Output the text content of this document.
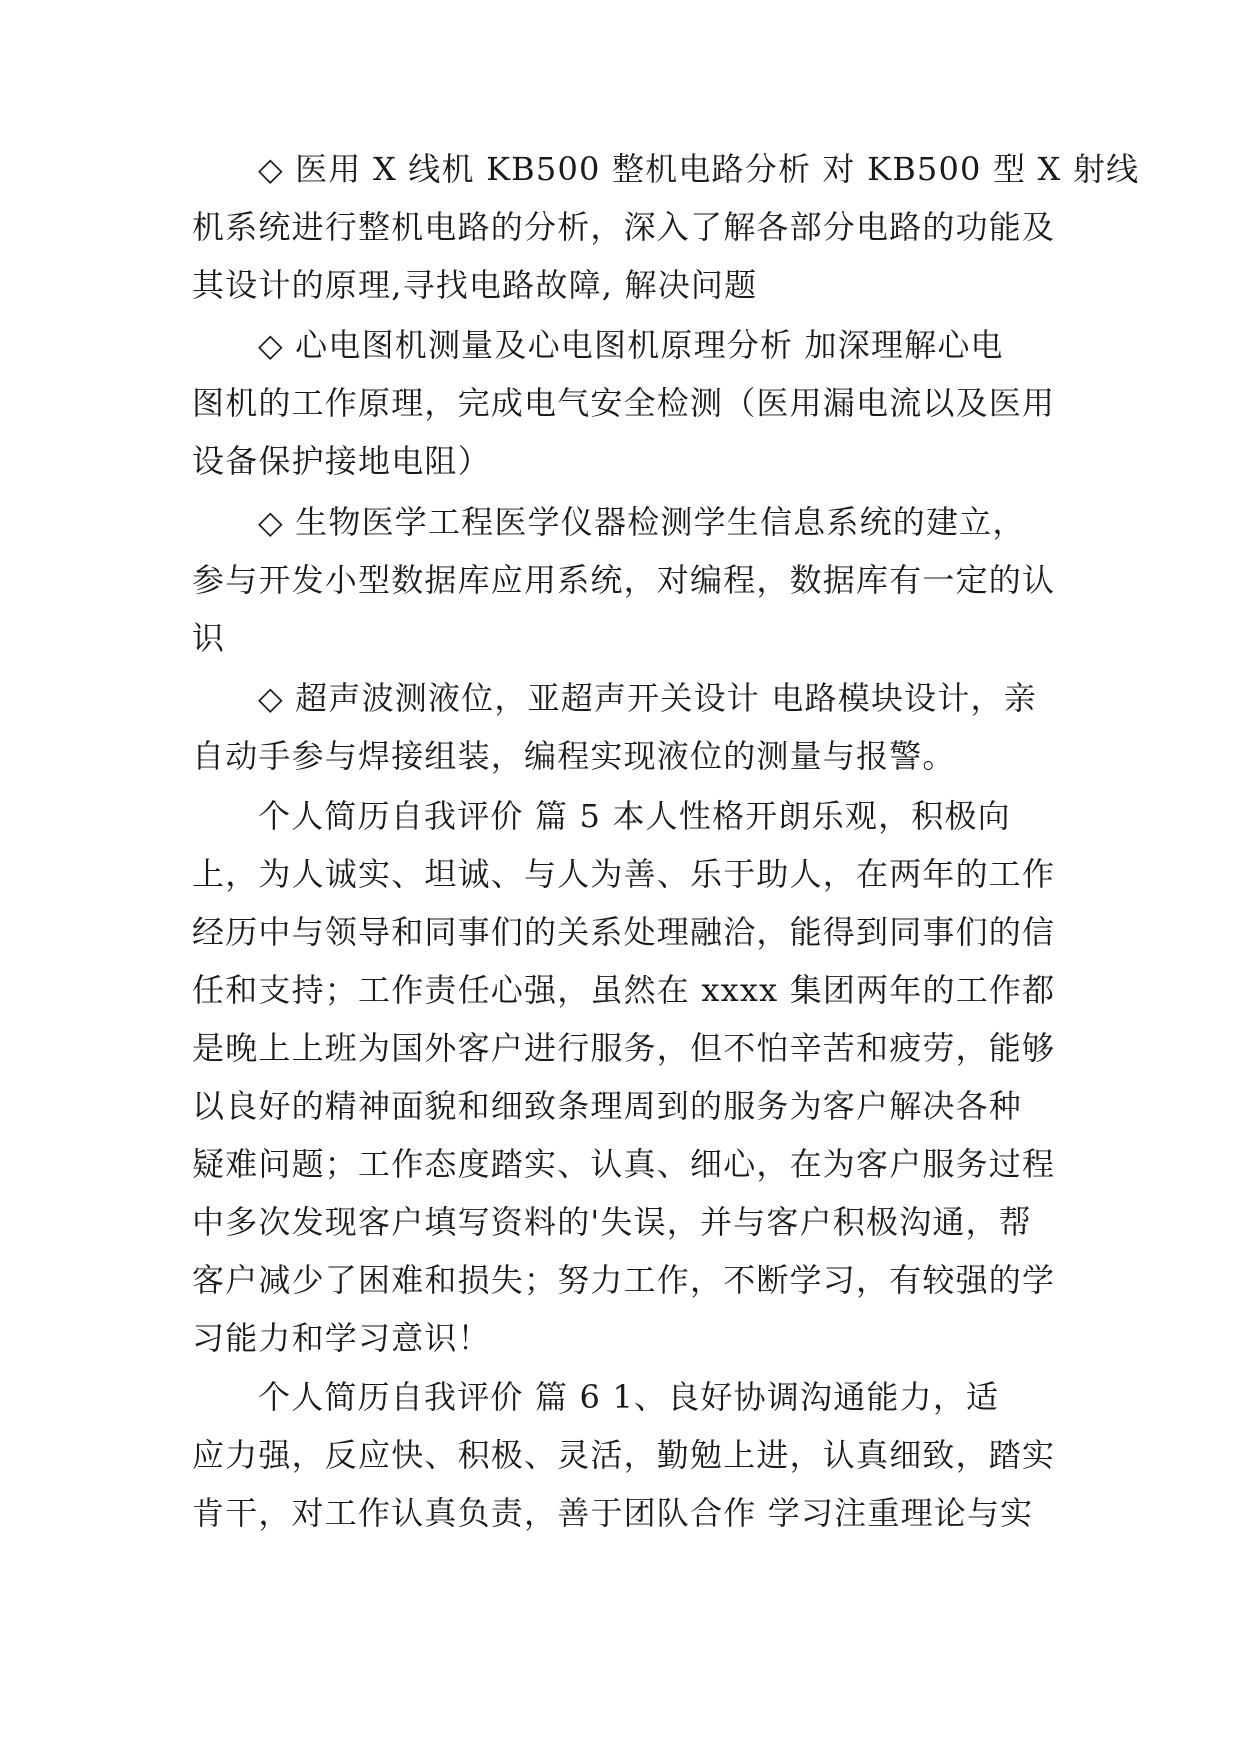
◇ 医用 X 线机 KB500 整机电路分析 对 KB500 型 X 射线
机系统进行整机电路的分析，深入了解各部分电路的功能及
其设计的原理,寻找电路故障, 解决问题
◇ 心电图机测量及心电图机原理分析 加深理解心电
图机的工作原理，完成电气安全检测（医用漏电流以及医用
设备保护接地电阻）
◇ 生物医学工程医学仪器检测学生信息系统的建立，
参与开发小型数据库应用系统，对编程，数据库有一定的认
识
◇ 超声波测液位，亚超声开关设计 电路模块设计，亲
自动手参与焊接组装，编程实现液位的测量与报警。
个人简历自我评价 篇 5 本人性格开朗乐观，积极向
上，为人诚实、坦诚、与人为善、乐于助人，在两年的工作
经历中与领导和同事们的关系处理融洽，能得到同事们的信
任和支持；工作责任心强，虽然在 xxxx 集团两年的工作都
是晚上上班为国外客户进行服务，但不怕辛苦和疲劳，能够
以良好的精神面貌和细致条理周到的服务为客户解决各种
疑难问题；工作态度踏实、认真、细心，在为客户服务过程
中多次发现客户填写资料的'失误，并与客户积极沟通，帮
客户减少了困难和损失；努力工作，不断学习，有较强的学
习能力和学习意识！
个人简历自我评价 篇 6 1、良好协调沟通能力，适
应力强，反应快、积极、灵活，勤勉上进，认真细致，踏实
肯干，对工作认真负责，善于团队合作 学习注重理论与实
